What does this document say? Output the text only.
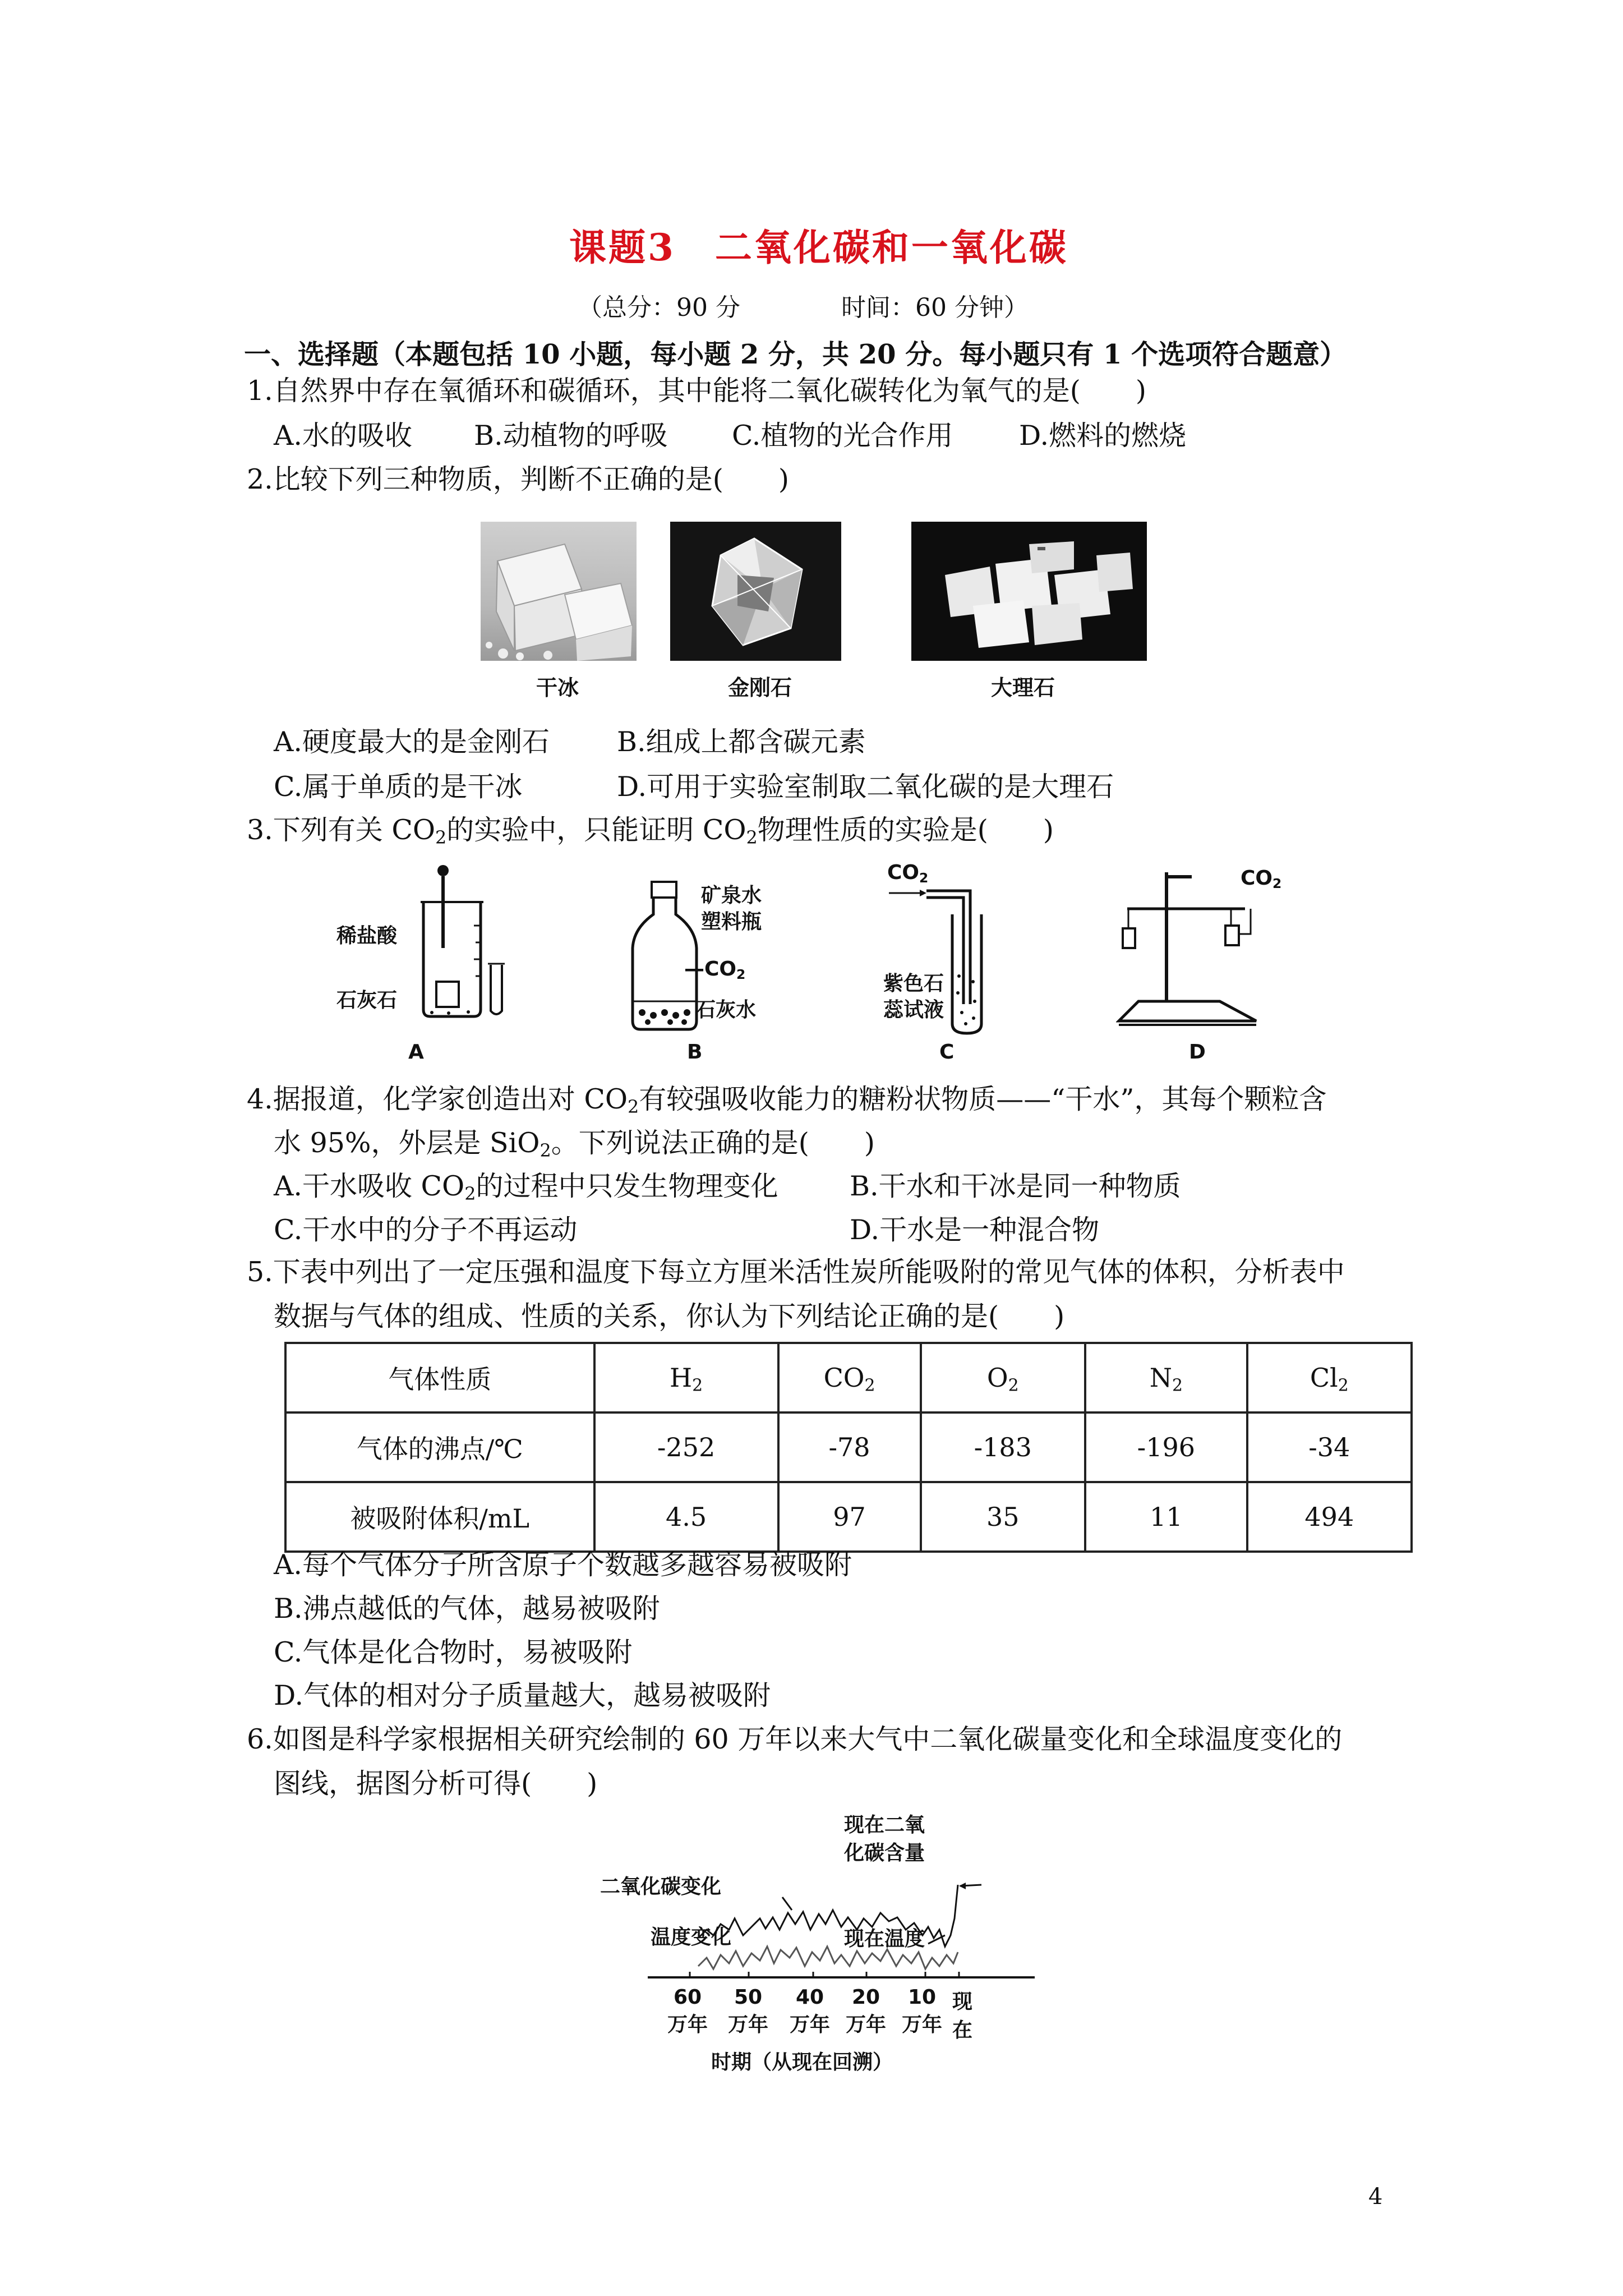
课题3　二氧化碳和一氧化碳
（总分：90 分	时间：60 分钟）
一、选择题（本题包括 10 小题，每小题 2 分，共 20 分。每小题只有 1 个选项符合题意）
1.自然界中存在氧循环和碳循环，其中能将二氧化碳转化为氧气的是(　　)
A.水的吸收 B.动植物的呼吸 C.植物的光合作用 D.燃料的燃烧
2.比较下列三种物质，判断不正确的是(　　)
干冰	金刚石	大理石
A.硬度最大的是金刚石 B.组成上都含碳元素
C.属于单质的是干冰	D.可用于实验室制取二氧化碳的是大理石
3.下列有关 $CO_2$的实验中，只能证明 $CO_2$物理性质的实验是(　　)
稀盐酸
石灰石
A
矿泉水
塑料瓶
$—CO_2$
石灰水
B
$CO_2$
紫色石
蕊试液
C
$CO_2$
D
4.据报道，化学家创造出对 $CO_2$有较强吸收能力的糖粉状物质——“干水”，其每个颗粒含
水 95%，外层是 SiO$_2$。下列说法正确的是(　　)
A.干水吸收 $CO_2$的过程中只发生物理变化	B.干水和干冰是同一种物质
C.干水中的分子不再运动	D.干水是一种混合物
5.下表中列出了一定压强和温度下每立方厘米活性炭所能吸附的常见气体的体积，分析表中
数据与气体的组成、性质的关系，你认为下列结论正确的是(　　)
气体性质	$H_2$	$CO_2$	$O_2$	$N_2$	$Cl_2$
气体的沸点/℃	-252	-78	-183	-196	-34
被吸附体积/mL	4.5	97	35	11	494
A.每个气体分子所含原子个数越多越容易被吸附
B.沸点越低的气体，越易被吸附
C.气体是化合物时，易被吸附
D.气体的相对分子质量越大，越易被吸附
6.如图是科学家根据相关研究绘制的 60 万年以来大气中二氧化碳量变化和全球温度变化的
图线，据图分析可得(　　)
二氧化碳变化
温度变化
现在二氧
化碳含量
现在温度
60
万年
50
万年
40
万年
20
万年
10
万年
现
在
时期（从现在回溯）
4
